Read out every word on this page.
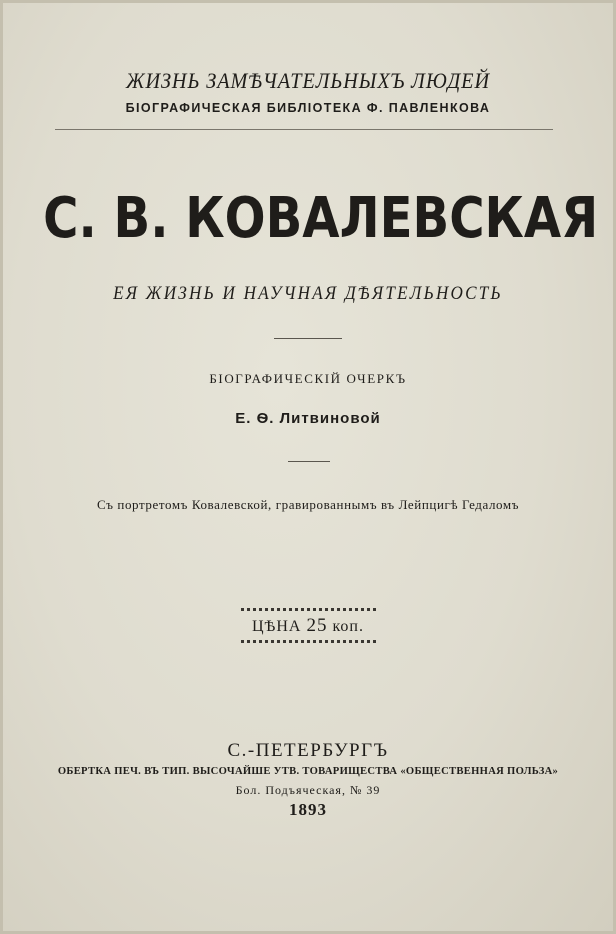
ЖИЗНЬ ЗАМѢЧАТЕЛЬНЫХЪ ЛЮДЕЙ
БІОГРАФИЧЕСКАЯ БИБЛІОТЕКА Ф. ПАВЛЕНКОВА
С. В. КОВАЛЕВСКАЯ
ЕЯ ЖИЗНЬ И НАУЧНАЯ ДѢЯТЕЛЬНОСТЬ
БІОГРАФИЧЕСКІЙ ОЧЕРКЪ
Е. Ѳ. Литвиновой
Съ портретомъ Ковалевской, гравированнымъ въ Лейпцигѣ Гедаломъ
ЦѢНА 25 коп.
С.-ПЕТЕРБУРГЪ
ОБЕРТКА ПЕЧ. ВЪ ТИП. ВЫСОЧАЙШЕ УТВ. ТОВАРИЩЕСТВА «ОБЩЕСТВЕННАЯ ПОЛЬЗА»
Бол. Подъяческая, № 39
1893
